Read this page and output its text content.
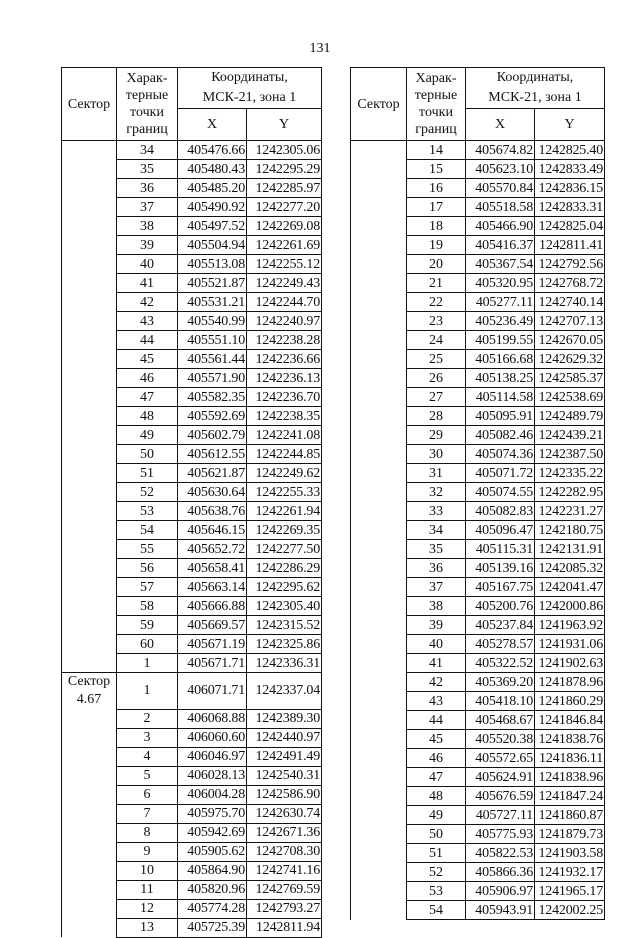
131
Сектор	Харак-
терные
точки
границ	Координаты,
МСК-21, зона 1	
		X	Y
	34	405476.66	1242305.06
	35	405480.43	1242295.29
	36	405485.20	1242285.97
	37	405490.92	1242277.20
	38	405497.52	1242269.08
	39	405504.94	1242261.69
	40	405513.08	1242255.12
	41	405521.87	1242249.43
	42	405531.21	1242244.70
	43	405540.99	1242240.97
	44	405551.10	1242238.28
	45	405561.44	1242236.66
	46	405571.90	1242236.13
	47	405582.35	1242236.70
	48	405592.69	1242238.35
	49	405602.79	1242241.08
	50	405612.55	1242244.85
	51	405621.87	1242249.62
	52	405630.64	1242255.33
	53	405638.76	1242261.94
	54	405646.15	1242269.35
	55	405652.72	1242277.50
	56	405658.41	1242286.29
	57	405663.14	1242295.62
	58	405666.88	1242305.40
	59	405669.57	1242315.52
	60	405671.19	1242325.86
	1	405671.71	1242336.31

Сектор
4.67	1	406071.71	1242337.04
	2	406068.88	1242389.30
	3	406060.60	1242440.97
	4	406046.97	1242491.49
	5	406028.13	1242540.31
	6	406004.28	1242586.90
	7	405975.70	1242630.74
	8	405942.69	1242671.36
	9	405905.62	1242708.30
	10	405864.90	1242741.16
	11	405820.96	1242769.59
	12	405774.28	1242793.27
	13	405725.39	1242811.94
Сектор	Харак-
терные
точки
границ	Координаты,
МСК-21, зона 1	
		X	Y
	14	405674.82	1242825.40
	15	405623.10	1242833.49
	16	405570.84	1242836.15
	17	405518.58	1242833.31
	18	405466.90	1242825.04
	19	405416.37	1242811.41
	20	405367.54	1242792.56
	21	405320.95	1242768.72
	22	405277.11	1242740.14
	23	405236.49	1242707.13
	24	405199.55	1242670.05
	25	405166.68	1242629.32
	26	405138.25	1242585.37
	27	405114.58	1242538.69
	28	405095.91	1242489.79
	29	405082.46	1242439.21
	30	405074.36	1242387.50
	31	405071.72	1242335.22
	32	405074.55	1242282.95
	33	405082.83	1242231.27
	34	405096.47	1242180.75
	35	405115.31	1242131.91
	36	405139.16	1242085.32
	37	405167.75	1242041.47
	38	405200.76	1242000.86
	39	405237.84	1241963.92
	40	405278.57	1241931.06
	41	405322.52	1241902.63
	42	405369.20	1241878.96
	43	405418.10	1241860.29
	44	405468.67	1241846.84
	45	405520.38	1241838.76
	46	405572.65	1241836.11
	47	405624.91	1241838.96
	48	405676.59	1241847.24
	49	405727.11	1241860.87
	50	405775.93	1241879.73
	51	405822.53	1241903.58
	52	405866.36	1241932.17
	53	405906.97	1241965.17
	54	405943.91	1242002.25
